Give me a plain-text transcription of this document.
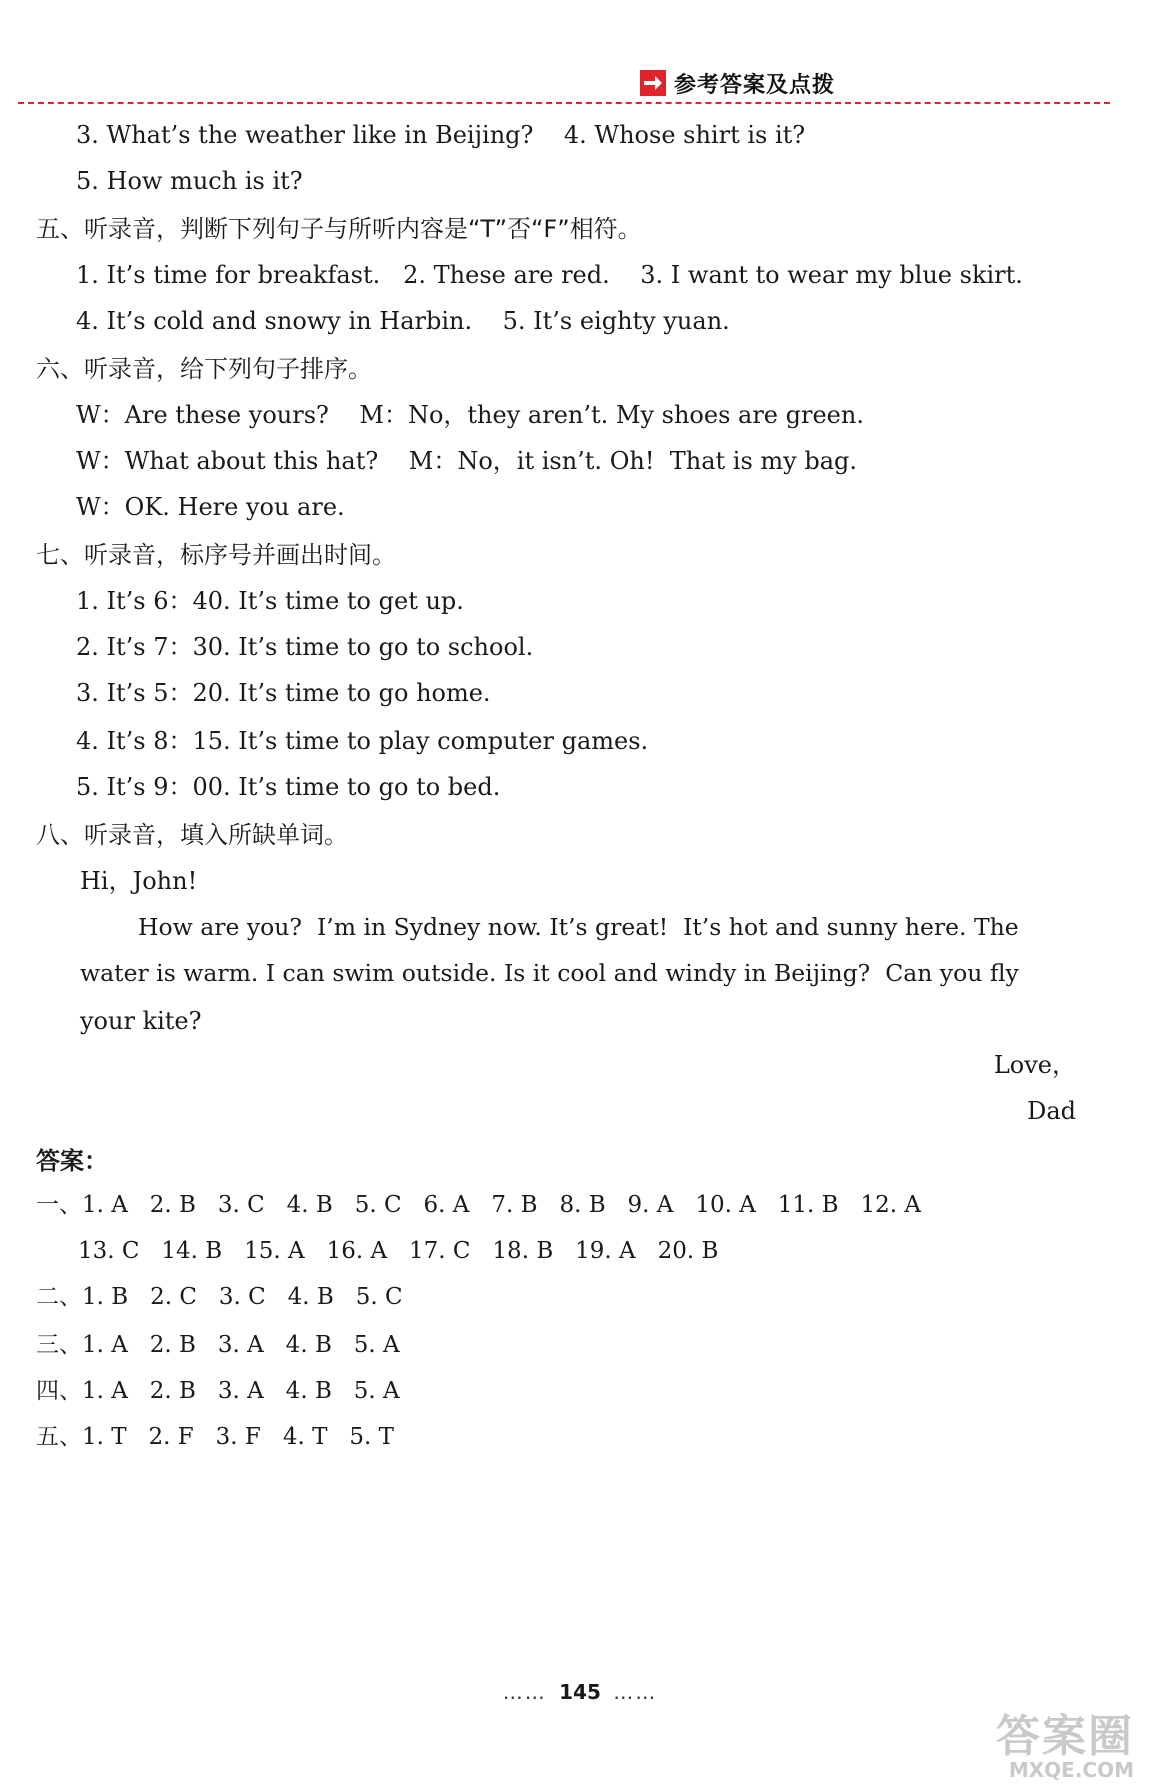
参考答案及点拨
3. What’s the weather like in Beijing?    4. Whose shirt is it?
5. How much is it?
五、听录音，判断下列句子与所听内容是“T”否“F”相符。
1. It’s time for breakfast.   2. These are red.    3. I want to wear my blue skirt.
4. It’s cold and snowy in Harbin.    5. It’s eighty yuan.
六、听录音，给下列句子排序。
W：Are these yours?    M：No，they aren’t. My shoes are green.
W：What about this hat?    M：No，it isn’t. Oh!  That is my bag.
W：OK. Here you are.
七、听录音，标序号并画出时间。
1. It’s 6：40. It’s time to get up.
2. It’s 7：30. It’s time to go to school.
3. It’s 5：20. It’s time to go home.
4. It’s 8：15. It’s time to play computer games.
5. It’s 9：00. It’s time to go to bed.
八、听录音，填入所缺单词。
Hi，John!
How are you?  I’m in Sydney now. It’s great!  It’s hot and sunny here. The
water is warm. I can swim outside. Is it cool and windy in Beijing?  Can you fly
your kite?
Love，
Dad
答案：
一、1. A   2. B   3. C   4. B   5. C   6. A   7. B   8. B   9. A   10. A   11. B   12. A
13. C   14. B   15. A   16. A   17. C   18. B   19. A   20. B
二、1. B   2. C   3. C   4. B   5. C
三、1. A   2. B   3. A   4. B   5. A
四、1. A   2. B   3. A   4. B   5. A
五、1. T   2. F   3. F   4. T   5. T
…… 145 ……
答案圈
MXQE.COM
